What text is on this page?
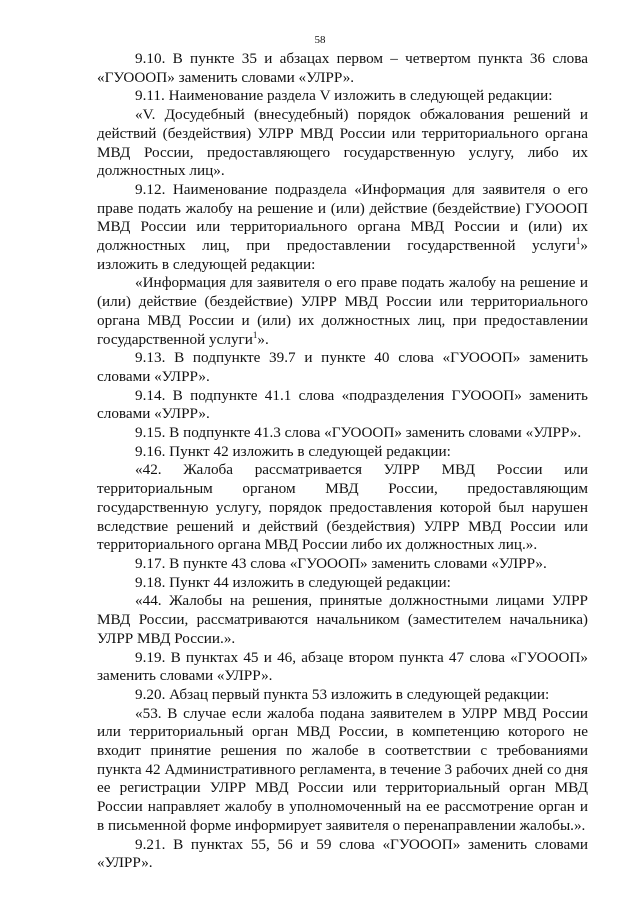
58

9.10. В пункте 35 и абзацах первом – четвертом пункта 36 слова «ГУОООП» заменить словами «УЛРР».

9.11. Наименование раздела V изложить в следующей редакции:

«V. Досудебный (внесудебный) порядок обжалования решений и действий (бездействия) УЛРР МВД России или территориального органа МВД России, предоставляющего государственную услугу, либо их должностных лиц».

9.12. Наименование подраздела «Информация для заявителя о его праве подать жалобу на решение и (или) действие (бездействие) ГУОООП МВД России или территориального органа МВД России и (или) их должностных лиц, при предоставлении государственной услуги$^1$» изложить в следующей редакции:

«Информация для заявителя о его праве подать жалобу на решение и (или) действие (бездействие) УЛРР МВД России или территориального органа МВД России и (или) их должностных лиц, при предоставлении государственной услуги$^1$».

9.13. В подпункте 39.7 и пункте 40 слова «ГУОООП» заменить словами «УЛРР».

9.14. В подпункте 41.1 слова «подразделения ГУОООП» заменить словами «УЛРР».

9.15. В подпункте 41.3 слова «ГУОООП» заменить словами «УЛРР».

9.16. Пункт 42 изложить в следующей редакции:

«42. Жалоба рассматривается УЛРР МВД России или территориальным органом МВД России, предоставляющим государственную услугу, порядок предоставления которой был нарушен вследствие решений и действий (бездействия) УЛРР МВД России или территориального органа МВД России либо их должностных лиц.».

9.17. В пункте 43 слова «ГУОООП» заменить словами «УЛРР».

9.18. Пункт 44 изложить в следующей редакции:

«44. Жалобы на решения, принятые должностными лицами УЛРР МВД России, рассматриваются начальником (заместителем начальника) УЛРР МВД России.».

9.19. В пунктах 45 и 46, абзаце втором пункта 47 слова «ГУОООП» заменить словами «УЛРР».

9.20. Абзац первый пункта 53 изложить в следующей редакции:

«53. В случае если жалоба подана заявителем в УЛРР МВД России или территориальный орган МВД России, в компетенцию которого не входит принятие решения по жалобе в соответствии с требованиями пункта 42 Административного регламента, в течение 3 рабочих дней со дня ее регистрации УЛРР МВД России или территориальный орган МВД России направляет жалобу в уполномоченный на ее рассмотрение орган и в письменной форме информирует заявителя о перенаправлении жалобы.».

9.21. В пунктах 55, 56 и 59 слова «ГУОООП» заменить словами «УЛРР».
